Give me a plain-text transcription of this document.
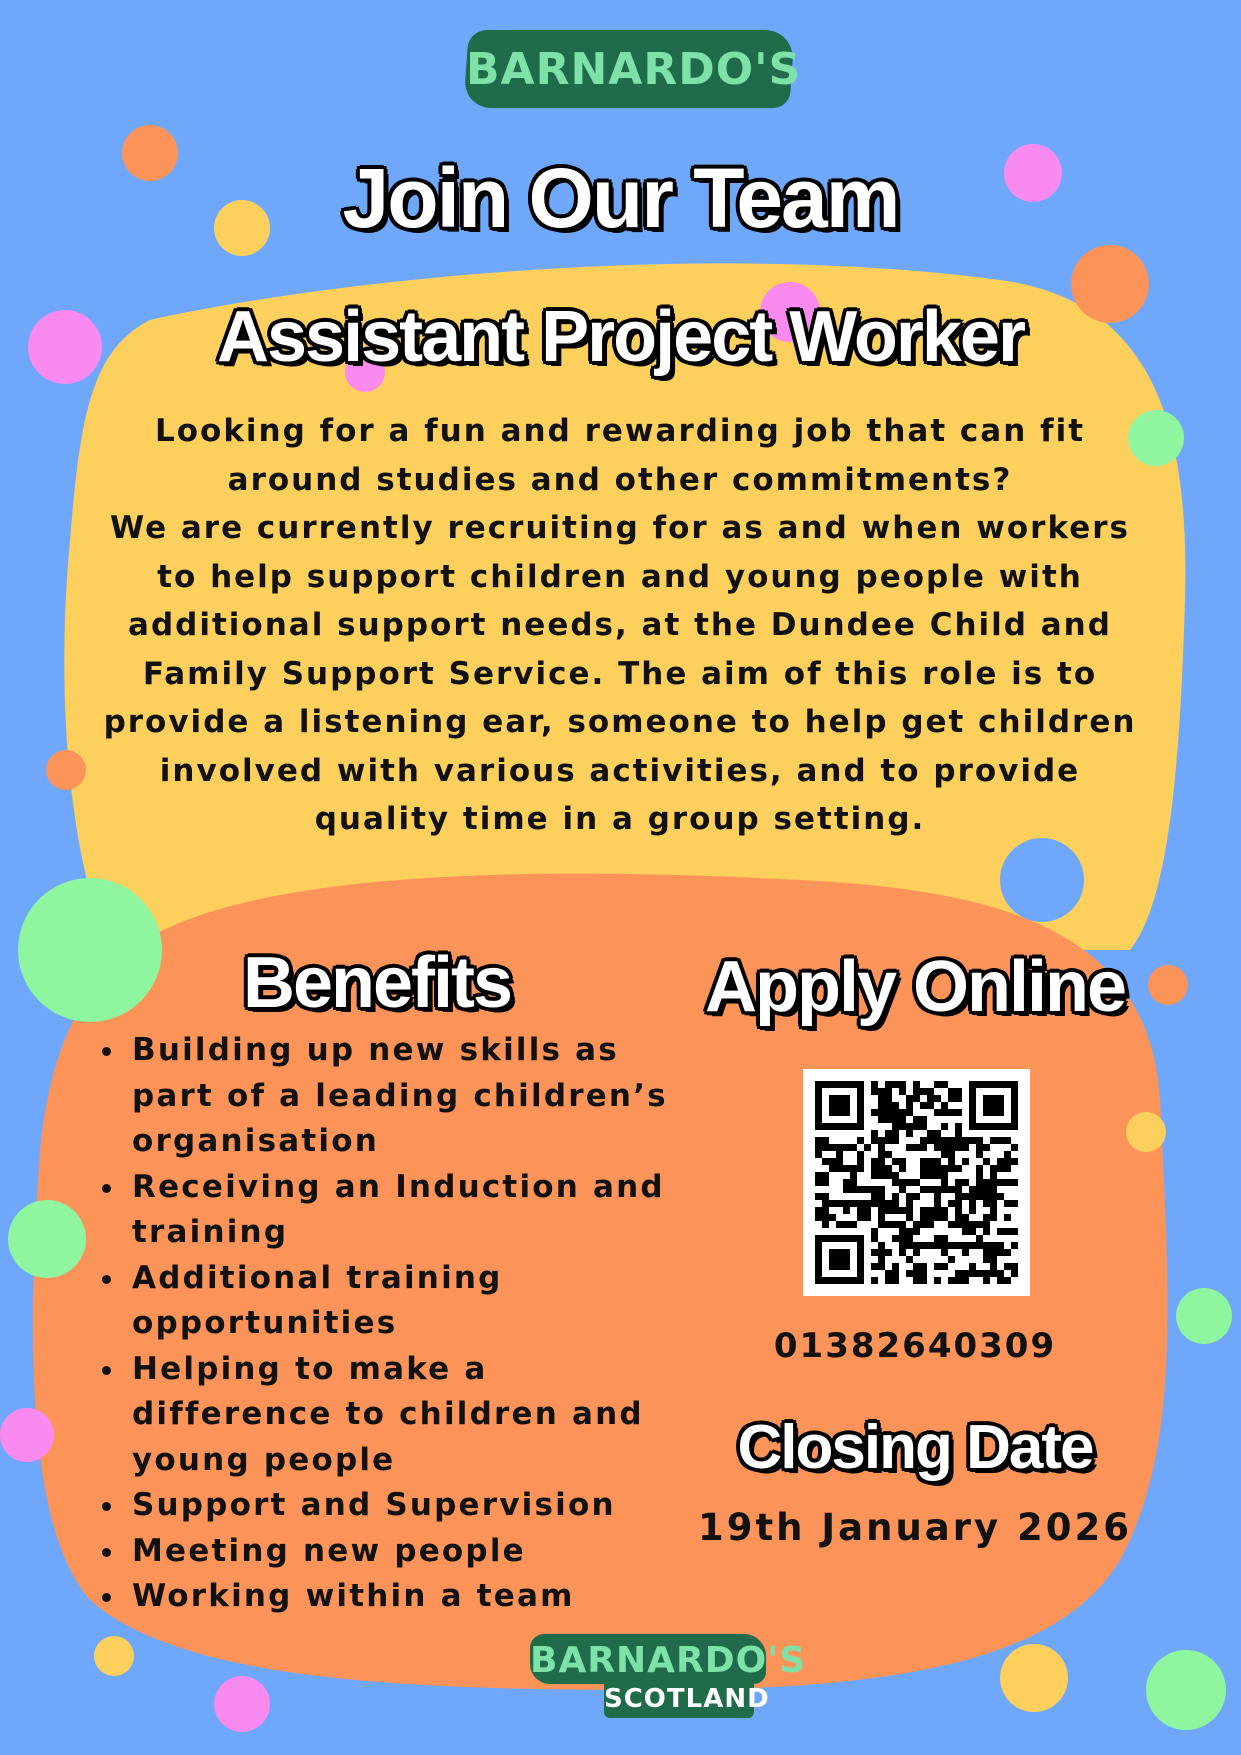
BARNARDO'S
Join Our Team
Assistant Project Worker

Looking for a fun and rewarding job that can fit

around studies and other commitments?

We are currently recruiting for as and when workers

to help support children and young people with

additional support needs, at the Dundee Child and

Family Support Service. The aim of this role is to

provide a listening ear, someone to help get children

involved with various activities, and to provide

quality time in a group setting.

Benefits
Building up new skills as part of a leading children’s organisation
Receiving an Induction and training
Additional training opportunities
Helping to make a difference to children and young people
Support and Supervision
Meeting new people
Working within a team
Apply Online

01382640309

Closing Date

19th January 2026

BARNARDO'S
SCOTLAND
